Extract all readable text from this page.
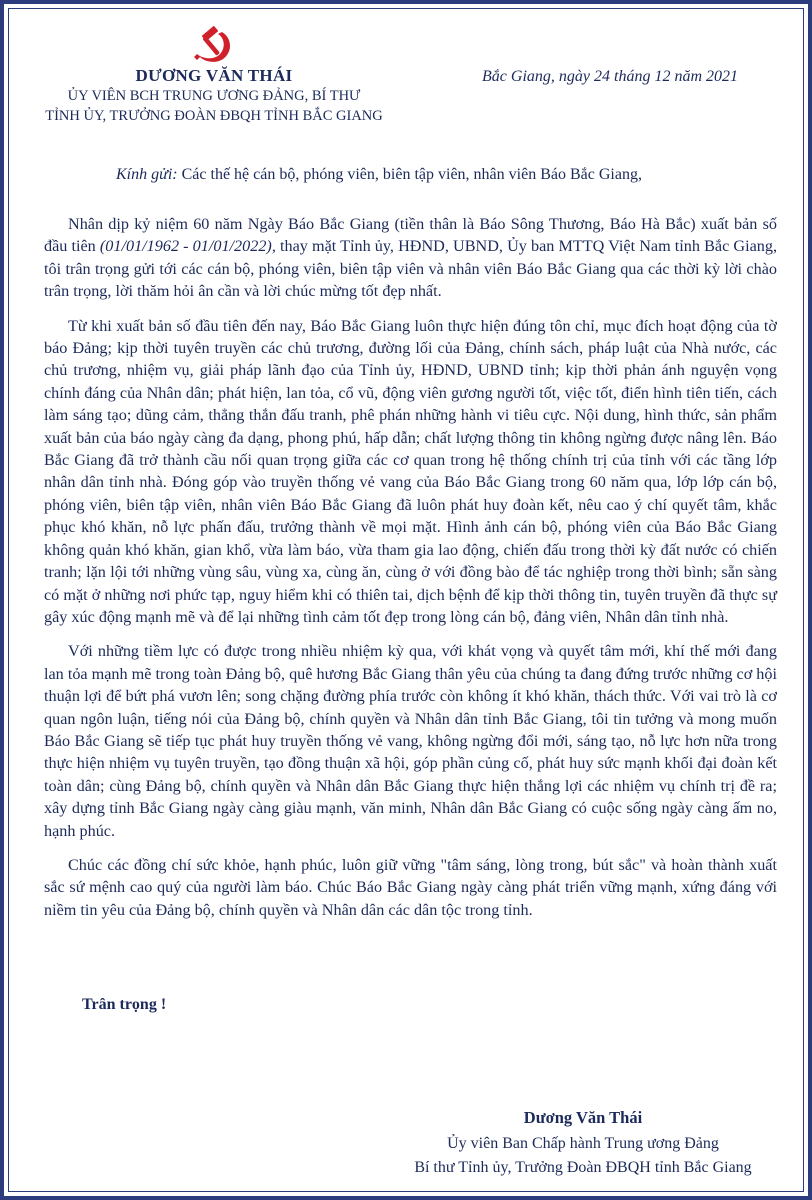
DƯƠNG VĂN THÁI
ỦY VIÊN BCH TRUNG ƯƠNG ĐẢNG, BÍ THƯ
TỈNH ỦY, TRƯỞNG ĐOÀN ĐBQH TỈNH BẮC GIANG
Bắc Giang, ngày 24 tháng 12 năm 2021
Kính gửi: Các thế hệ cán bộ, phóng viên, biên tập viên, nhân viên Báo Bắc Giang,

Nhân dịp kỷ niệm 60 năm Ngày Báo Bắc Giang (tiền thân là Báo Sông Thương, Báo Hà Bắc) xuất bản số đầu tiên (01/01/1962 - 01/01/2022), thay mặt Tỉnh ủy, HĐND, UBND, Ủy ban MTTQ Việt Nam tỉnh Bắc Giang, tôi trân trọng gửi tới các cán bộ, phóng viên, biên tập viên và nhân viên Báo Bắc Giang qua các thời kỳ lời chào trân trọng, lời thăm hỏi ân cần và lời chúc mừng tốt đẹp nhất.

Từ khi xuất bản số đầu tiên đến nay, Báo Bắc Giang luôn thực hiện đúng tôn chỉ, mục đích hoạt động của tờ báo Đảng; kịp thời tuyên truyền các chủ trương, đường lối của Đảng, chính sách, pháp luật của Nhà nước, các chủ trương, nhiệm vụ, giải pháp lãnh đạo của Tỉnh ủy, HĐND, UBND tỉnh; kịp thời phản ánh nguyện vọng chính đáng của Nhân dân; phát hiện, lan tỏa, cổ vũ, động viên gương người tốt, việc tốt, điển hình tiên tiến, cách làm sáng tạo; dũng cảm, thẳng thắn đấu tranh, phê phán những hành vi tiêu cực. Nội dung, hình thức, sản phẩm xuất bản của báo ngày càng đa dạng, phong phú, hấp dẫn; chất lượng thông tin không ngừng được nâng lên. Báo Bắc Giang đã trở thành cầu nối quan trọng giữa các cơ quan trong hệ thống chính trị của tỉnh với các tầng lớp nhân dân tỉnh nhà. Đóng góp vào truyền thống vẻ vang của Báo Bắc Giang trong 60 năm qua, lớp lớp cán bộ, phóng viên, biên tập viên, nhân viên Báo Bắc Giang đã luôn phát huy đoàn kết, nêu cao ý chí quyết tâm, khắc phục khó khăn, nỗ lực phấn đấu, trưởng thành về mọi mặt. Hình ảnh cán bộ, phóng viên của Báo Bắc Giang không quản khó khăn, gian khổ, vừa làm báo, vừa tham gia lao động, chiến đấu trong thời kỳ đất nước có chiến tranh; lặn lội tới những vùng sâu, vùng xa, cùng ăn, cùng ở với đồng bào để tác nghiệp trong thời bình; sẵn sàng có mặt ở những nơi phức tạp, nguy hiểm khi có thiên tai, dịch bệnh để kịp thời thông tin, tuyên truyền đã thực sự gây xúc động mạnh mẽ và để lại những tình cảm tốt đẹp trong lòng cán bộ, đảng viên, Nhân dân tỉnh nhà.

Với những tiềm lực có được trong nhiều nhiệm kỳ qua, với khát vọng và quyết tâm mới, khí thế mới đang lan tỏa mạnh mẽ trong toàn Đảng bộ, quê hương Bắc Giang thân yêu của chúng ta đang đứng trước những cơ hội thuận lợi để bứt phá vươn lên; song chặng đường phía trước còn không ít khó khăn, thách thức. Với vai trò là cơ quan ngôn luận, tiếng nói của Đảng bộ, chính quyền và Nhân dân tỉnh Bắc Giang, tôi tin tưởng và mong muốn Báo Bắc Giang sẽ tiếp tục phát huy truyền thống vẻ vang, không ngừng đổi mới, sáng tạo, nỗ lực hơn nữa trong thực hiện nhiệm vụ tuyên truyền, tạo đồng thuận xã hội, góp phần củng cố, phát huy sức mạnh khối đại đoàn kết toàn dân; cùng Đảng bộ, chính quyền và Nhân dân Bắc Giang thực hiện thắng lợi các nhiệm vụ chính trị đề ra; xây dựng tỉnh Bắc Giang ngày càng giàu mạnh, văn minh, Nhân dân Bắc Giang có cuộc sống ngày càng ấm no, hạnh phúc.

Chúc các đồng chí sức khỏe, hạnh phúc, luôn giữ vững "tâm sáng, lòng trong, bút sắc" và hoàn thành xuất sắc sứ mệnh cao quý của người làm báo. Chúc Báo Bắc Giang ngày càng phát triển vững mạnh, xứng đáng với niềm tin yêu của Đảng bộ, chính quyền và Nhân dân các dân tộc trong tỉnh.

Trân trọng !
Dương Văn Thái
Ủy viên Ban Chấp hành Trung ương Đảng
Bí thư Tỉnh ủy, Trưởng Đoàn ĐBQH tỉnh Bắc Giang
